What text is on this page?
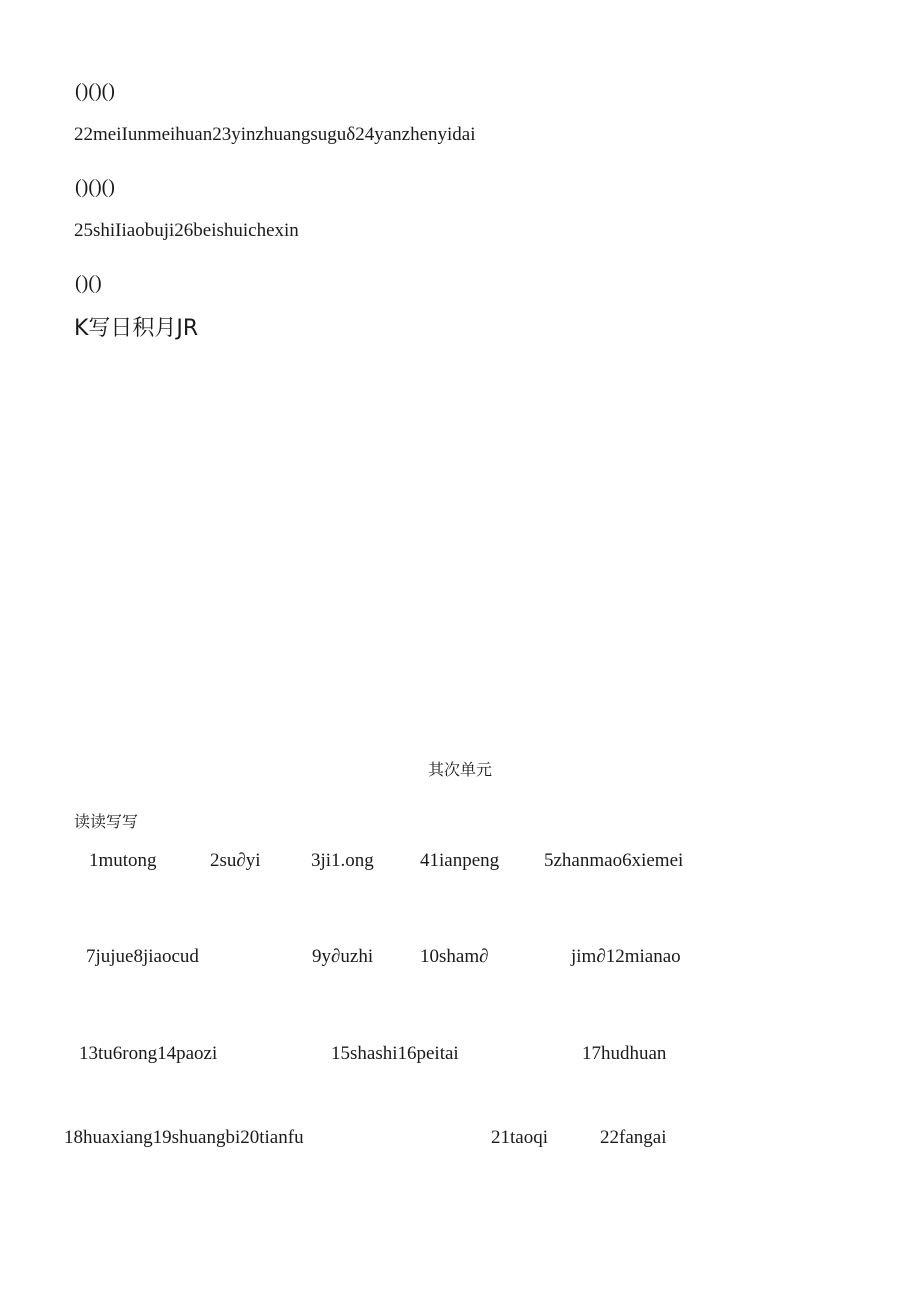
()()()
22meiIunmeihuan23yinzhuangsuguδ24yanzhenyidai
()()()
25shiIiaobuji26beishuichexin
()()
K写日积月JR
其次单元
读读写写
1mutong	2su∂yi	3ji1.ong 41ianpeng 5zhanmao6xiemei
7jujue8jiaocud	9y∂uzhi 10sham∂	jim∂12mianao
13tu6rong14paozi	15shashi16peitai	17hudhuan
18huaxiang19shuangbi20tianfu	21taoqi	22fangai
